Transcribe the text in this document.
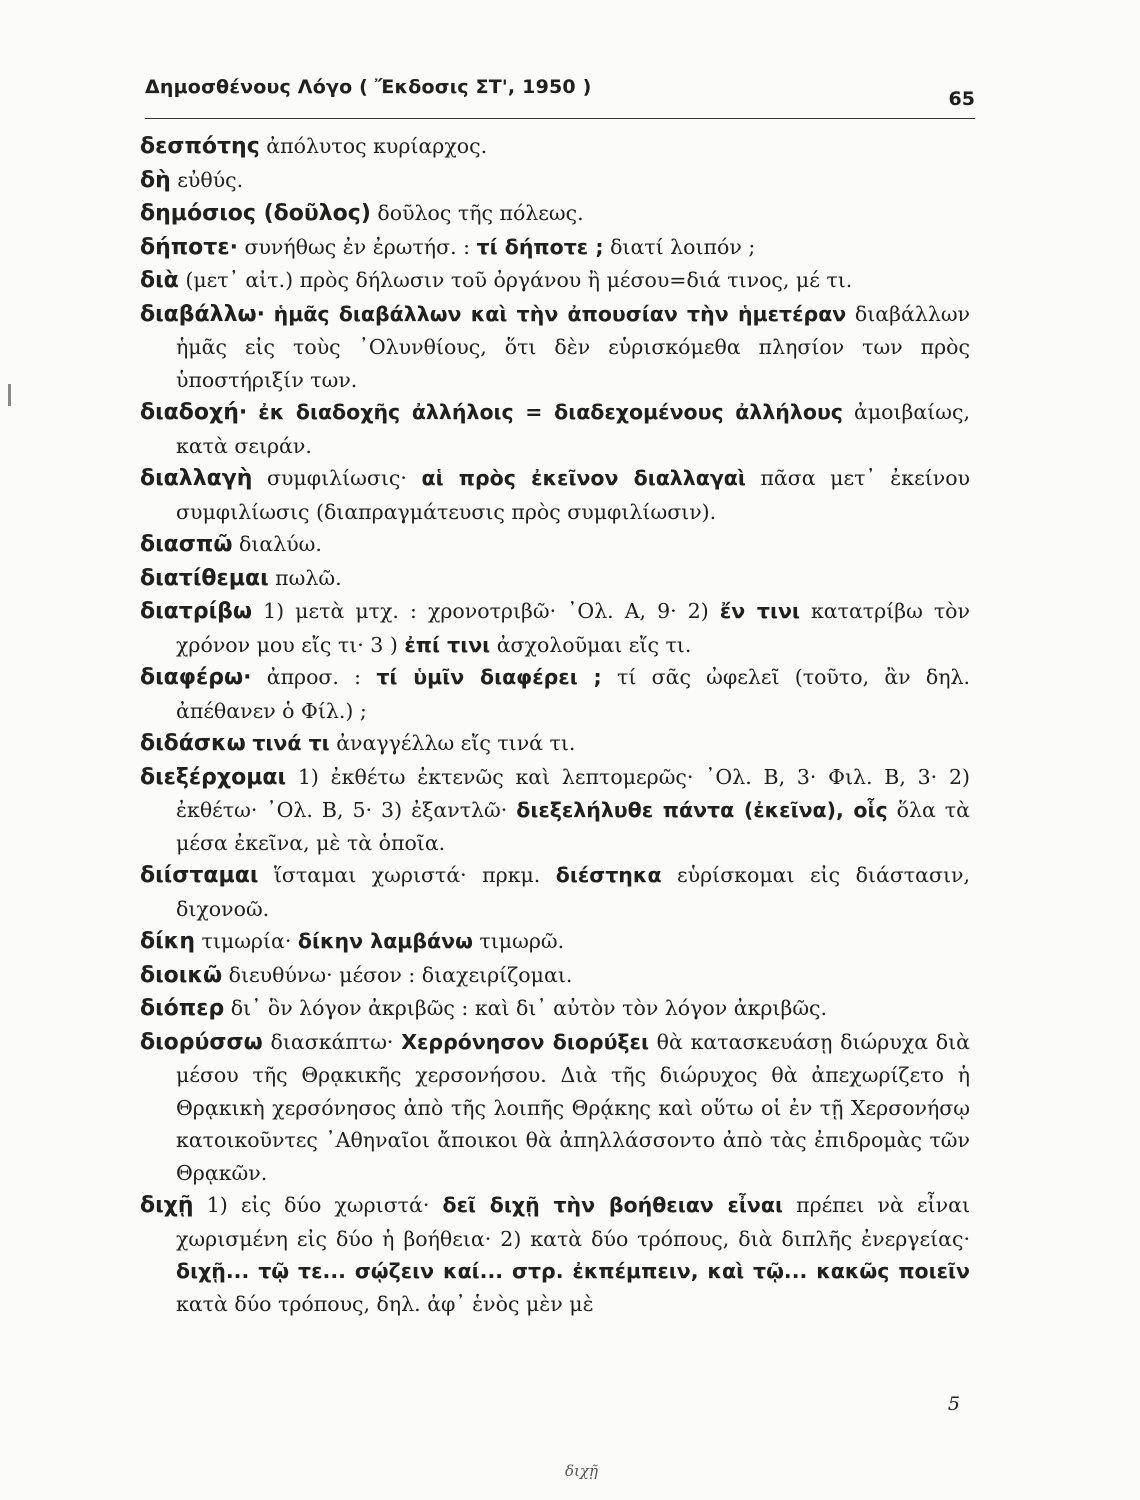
Δημοσθένους Λόγο ( Ἔκδοσις ΣΤ', 1950 )
65

δεσπότης ἀπόλυτος κυρίαρχος.

δὴ εὐθύς.

δημόσιος (δοῦλος) δοῦλος τῆς πόλεως.

δήποτε· συνήθως ἐν ἐρωτήσ. : τί δήποτε ; διατί λοιπόν ;

διὰ (μετ᾽ αἰτ.) πρὸς δήλωσιν τοῦ ὀργάνου ἢ μέσου=διά τινος, μέ τι.

διαβάλλω· ἡμᾶς διαβάλλων καὶ τὴν ἀπουσίαν τὴν ἡμετέραν διαβάλλων ἡμᾶς εἰς τοὺς ᾿Ολυνθίους, ὅτι δὲν εὑρισκόμεθα πλησίον των πρὸς ὑποστήριξίν των.

διαδοχή· ἐκ διαδοχῆς ἀλλήλοις = διαδεχομένους ἀλλήλους ἀμοιβαίως, κατὰ σειράν.

διαλλαγὴ συμφιλίωσις· αἱ πρὸς ἐκεῖνον διαλλαγαὶ πᾶσα μετ᾽ ἐκείνου συμφιλίωσις (διαπραγμάτευσις πρὸς συμφιλίωσιν).

διασπῶ διαλύω.

διατίθεμαι πωλῶ.

διατρίβω 1) μετὰ μτχ. : χρονοτριβῶ· ᾿Ολ. Α, 9· 2) ἔν τινι κατατρίβω τὸν χρόνον μου εἴς τι· 3 ) ἐπί τινι ἀσχολοῦμαι εἴς τι.

διαφέρω· ἀπροσ. : τί ὑμῖν διαφέρει ; τί σᾶς ὠφελεῖ (τοῦτο, ἂν δηλ. ἀπέθανεν ὁ Φίλ.) ;

διδάσκω τινά τι ἀναγγέλλω εἴς τινά τι.

διεξέρχομαι 1) ἐκθέτω ἐκτενῶς καὶ λεπτομερῶς· ᾿Ολ. Β, 3· Φιλ. Β, 3· 2) ἐκθέτω· ᾿Ολ. Β, 5· 3) ἐξαντλῶ· διεξελήλυθε πάντα (ἐκεῖνα), οἷς ὅλα τὰ μέσα ἐκεῖνα, μὲ τὰ ὁποῖα.

διίσταμαι ἵσταμαι χωριστά· πρκμ. διέστηκα εὑρίσκομαι εἰς διάστασιν, διχονοῶ.

δίκη τιμωρία· δίκην λαμβάνω τιμωρῶ.

διοικῶ διευθύνω· μέσον : διαχειρίζομαι.

διόπερ δι᾽ ὃν λόγον ἀκριβῶς : καὶ δι᾽ αὐτὸν τὸν λόγον ἀκριβῶς.

διορύσσω διασκάπτω· Χερρόνησον διορύξει θὰ κατασκευάσῃ διώρυχα διὰ μέσου τῆς Θρᾳκικῆς χερσονήσου. Διὰ τῆς διώρυχος θὰ ἀπεχωρίζετο ἡ Θρᾳκικὴ χερσόνησος ἀπὸ τῆς λοιπῆς Θρᾴκης καὶ οὕτω οἱ ἐν τῇ Χερσονήσῳ κατοικοῦντες ᾿Αθηναῖοι ἄποικοι θὰ ἀπηλλάσσοντο ἀπὸ τὰς ἐπιδρομὰς τῶν Θρᾳκῶν.

διχῇ 1) εἰς δύο χωριστά· δεῖ διχῇ τὴν βοήθειαν εἶναι πρέπει νὰ εἶναι χωρισμένη εἰς δύο ἡ βοήθεια· 2) κατὰ δύο τρόπους, διὰ διπλῆς ἐνεργείας· διχῇ... τῷ τε... σῴζειν καί... στρ. ἐκπέμπειν, καὶ τῷ... κακῶς ποιεῖν κατὰ δύο τρόπους, δηλ. ἀφ᾽ ἑνὸς μὲν μὲ

5
διχῇ
